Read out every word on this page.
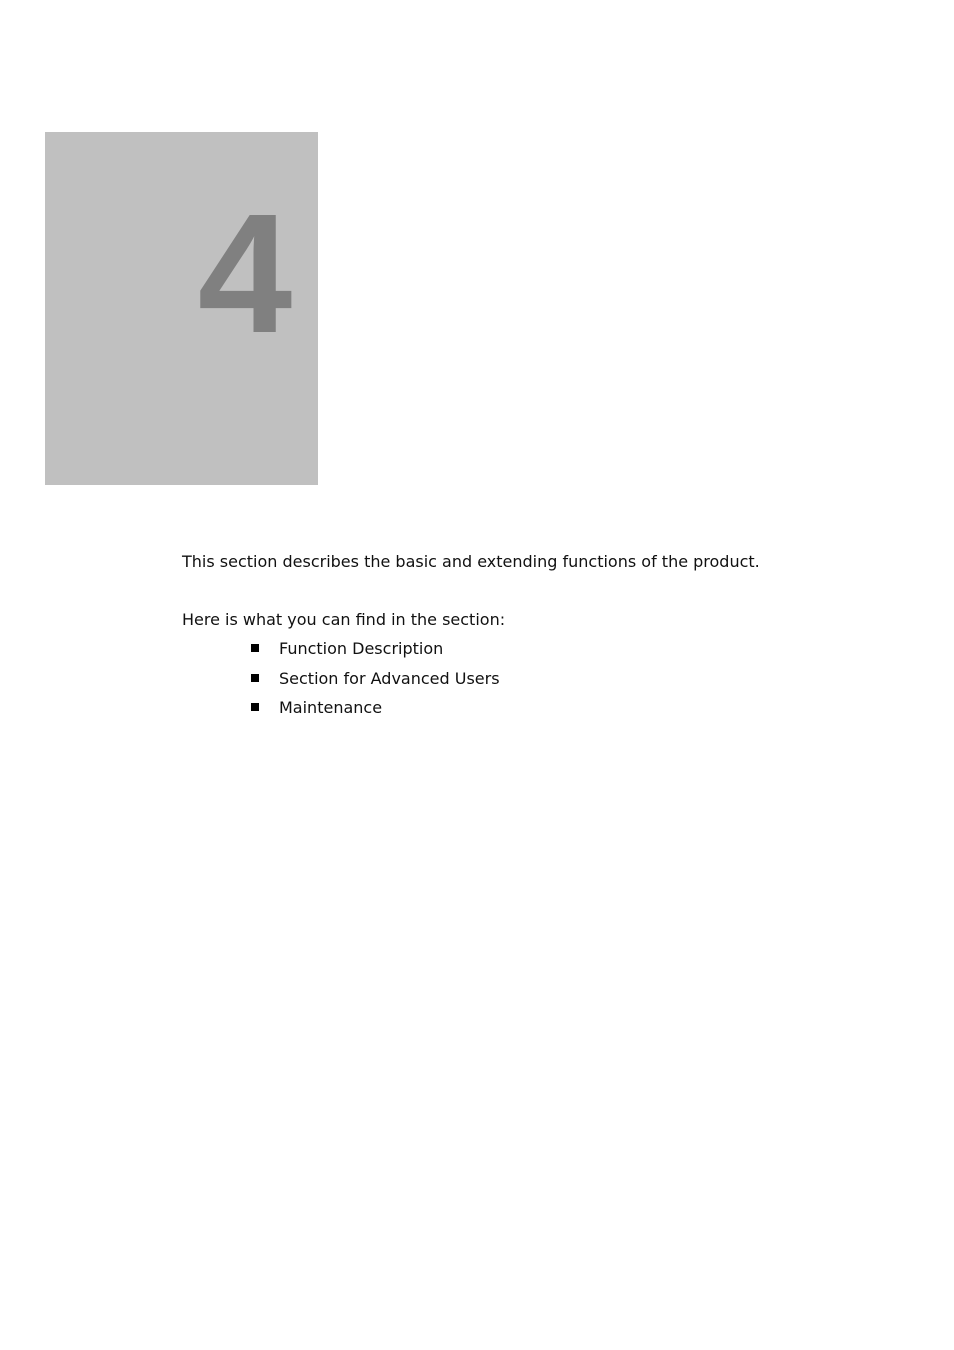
4

This section describes the basic and extending functions of the product.

Here is what you can find in the section:

Function Description
Section for Advanced Users
Maintenance
